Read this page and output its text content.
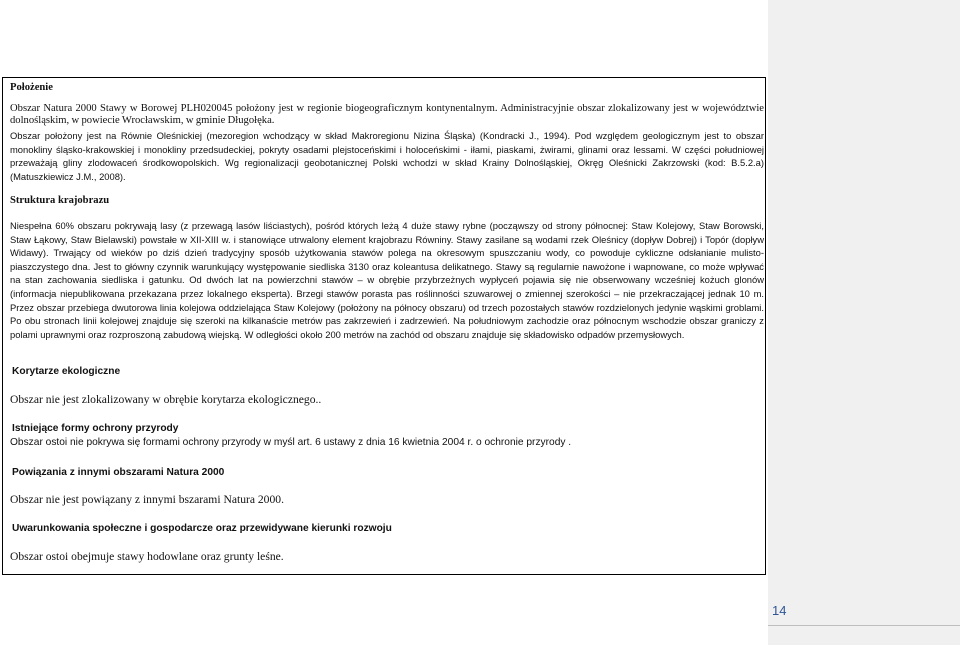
Położenie

Obszar Natura 2000 Stawy w Borowej PLH020045 położony jest w regionie biogeograficznym kontynentalnym. Administracyjnie obszar zlokalizowany jest w województwie dolnośląskim, w powiecie Wrocławskim, w gminie Długołęka.

Obszar położony jest na Równie Oleśnickiej (mezoregion wchodzący w skład Makroregionu Nizina Śląska) (Kondracki J., 1994). Pod względem geologicznym jest to obszar monokliny śląsko-krakowskiej i monokliny przedsudeckiej, pokryty osadami plejstoceńskimi i holoceńskimi - iłami, piaskami, żwirami, glinami oraz lessami. W części południowej przeważają gliny zlodowaceń środkowopolskich. Wg regionalizacji geobotanicznej Polski wchodzi w skład Krainy Dolnośląskiej, Okręg Oleśnicki Zakrzowski (kod: B.5.2.a) (Matuszkiewicz J.M., 2008).

Struktura krajobrazu

Niespełna 60% obszaru pokrywają lasy (z przewagą lasów liściastych), pośród których leżą 4 duże stawy rybne (począwszy od strony północnej: Staw Kolejowy, Staw Borowski, Staw Łąkowy, Staw Bielawski) powstałe w XII-XIII w. i stanowiące utrwalony element krajobrazu Równiny. Stawy zasilane są wodami rzek Oleśnicy (dopływ Dobrej) i Topór (dopływ Widawy). Trwający od wieków po dziś dzień tradycyjny sposób użytkowania stawów polega na okresowym spuszczaniu wody, co powoduje cykliczne odsłanianie mulisto-piaszczystego dna. Jest to główny czynnik warunkujący występowanie siedliska 3130 oraz koleantusa delikatnego. Stawy są regularnie nawożone i wapnowane, co może wpływać na stan zachowania siedliska i gatunku. Od dwóch lat na powierzchni stawów – w obrębie przybrzeżnych wypłyceń pojawia się nie obserwowany wcześniej kożuch glonów (informacja niepublikowana przekazana przez lokalnego eksperta). Brzegi stawów porasta pas roślinności szuwarowej o zmiennej szerokości – nie przekraczającej jednak 10 m. Przez obszar przebiega dwutorowa linia kolejowa oddzielająca Staw Kolejowy (położony na północy obszaru) od trzech pozostałych stawów rozdzielonych jedynie wąskimi groblami. Po obu stronach linii kolejowej znajduje się szeroki na kilkanaście metrów pas zakrzewień i zadrzewień. Na południowym zachodzie oraz północnym wschodzie obszar graniczy z polami uprawnymi oraz rozproszoną zabudową wiejską. W odległości około 200 metrów na zachód od obszaru znajduje się składowisko odpadów przemysłowych.

Korytarze ekologiczne

Obszar nie jest zlokalizowany w obrębie korytarza ekologicznego..

Istniejące formy ochrony przyrody

Obszar ostoi nie pokrywa się formami ochrony przyrody w myśl art. 6 ustawy z dnia 16 kwietnia 2004 r. o ochronie przyrody .

Powiązania z innymi obszarami Natura 2000

Obszar nie jest powiązany z innymi bszarami Natura 2000.

Uwarunkowania społeczne i gospodarcze oraz przewidywane kierunki rozwoju

Obszar ostoi obejmuje stawy hodowlane oraz grunty leśne.

14
